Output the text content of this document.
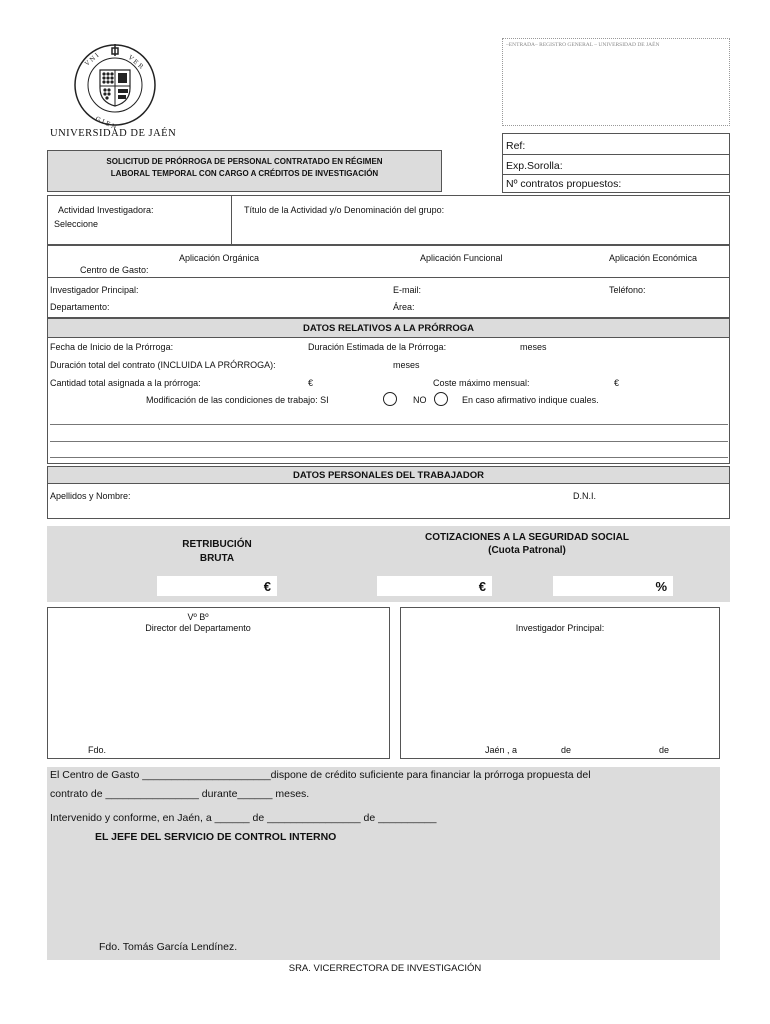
V N I	V E R
G I E N
UNIVERSIDAD DE JAÉN
–ENTRADA– REGISTRO GENERAL – UNIVERSIDAD DE JAÉN
SOLICITUD DE PRÓRROGA DE PERSONAL CONTRATADO EN RÉGIMEN
LABORAL TEMPORAL CON CARGO A CRÉDITOS DE INVESTIGACIÓN
Ref:
Exp.Sorolla:
Nº contratos propuestos:
Actividad Investigadora:
Seleccione
Título de la Actividad y/o Denominación del grupo:
Aplicación Orgánica	Aplicación Funcional	Aplicación Económica
Centro de Gasto:
Investigador Principal:	E-mail:	Teléfono:
Departamento:	Área:
DATOS RELATIVOS A LA PRÓRROGA
Fecha de Inicio de la Prórroga:	Duración Estimada de la Prórroga:	meses
Duración total del contrato (INCLUIDA LA PRÓRROGA):	meses
Cantidad total asignada a la prórroga:	€	Coste máximo mensual:	€
Modificación de las condiciones de trabajo: SI	NO	En caso afirmativo indique cuales.
DATOS PERSONALES DEL TRABAJADOR
Apellidos y Nombre:	D.N.I.
RETRIBUCIÓN
BRUTA
COTIZACIONES A LA SEGURIDAD SOCIAL
(Cuota Patronal)
€	€	%
Vº Bº
Director del Departamento
Fdo.
Investigador Principal:
Jaén , a	de	de
El Centro de Gasto ______________________dispone de crédito suficiente para financiar la prórroga propuesta del
contrato de ________________ durante______ meses.
Intervenido y conforme, en Jaén, a ______ de ________________ de __________
EL JEFE DEL SERVICIO DE CONTROL INTERNO
Fdo. Tomás García Lendínez.
SRA. VICERRECTORA DE INVESTIGACIÓN
